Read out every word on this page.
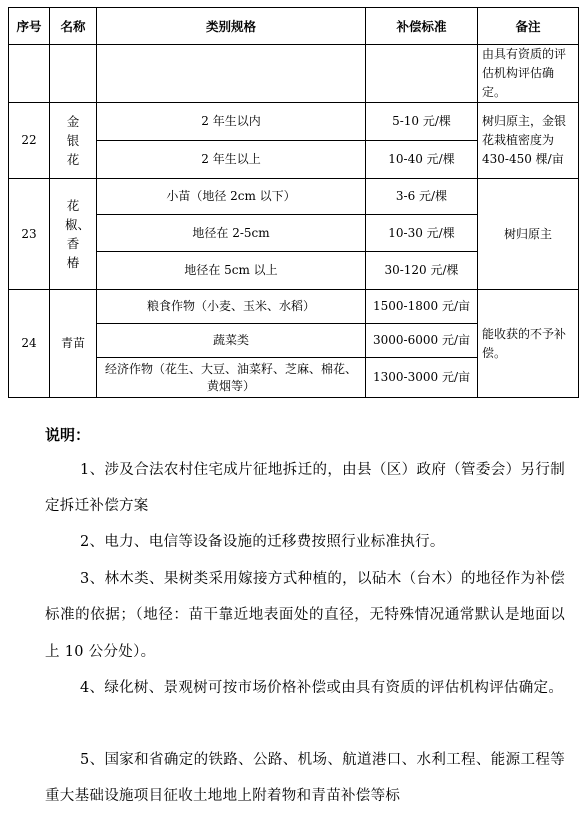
序号	名称	类别规格	补偿标准	备注
				由具有资质的评估机构评估确定。
22	金银花	2 年生以内	5-10 元/棵	树归原主，金银花栽植密度为 430-450 棵/亩
		2 年生以上	10-40 元/棵	
23	花椒、香椿	小苗（地径 2cm 以下）	3-6 元/棵	树归原主
		地径在 2-5cm	10-30 元/棵	
		地径在 5cm 以上	30-120 元/棵	
24	青苗	粮食作物（小麦、玉米、水稻）	1500-1800 元/亩	能收获的不予补偿。
		蔬菜类	3000-6000 元/亩	
		经济作物（花生、大豆、油菜籽、芝麻、棉花、黄烟等）	1300-3000 元/亩	
说明：
1、涉及合法农村住宅成片征地拆迁的，由县（区）政府（管委会）另行制定拆迁补偿方案
2、电力、电信等设备设施的迁移费按照行业标准执行。
3、林木类、果树类采用嫁接方式种植的，以砧木（台木）的地径作为补偿标准的依据；（地径：苗干靠近地表面处的直径，无特殊情况通常默认是地面以上 10 公分处）。
4、绿化树、景观树可按市场价格补偿或由具有资质的评估机构评估确定。
5、国家和省确定的铁路、公路、机场、航道港口、水利工程、能源工程等重大基础设施项目征收土地地上附着物和青苗补偿等标
